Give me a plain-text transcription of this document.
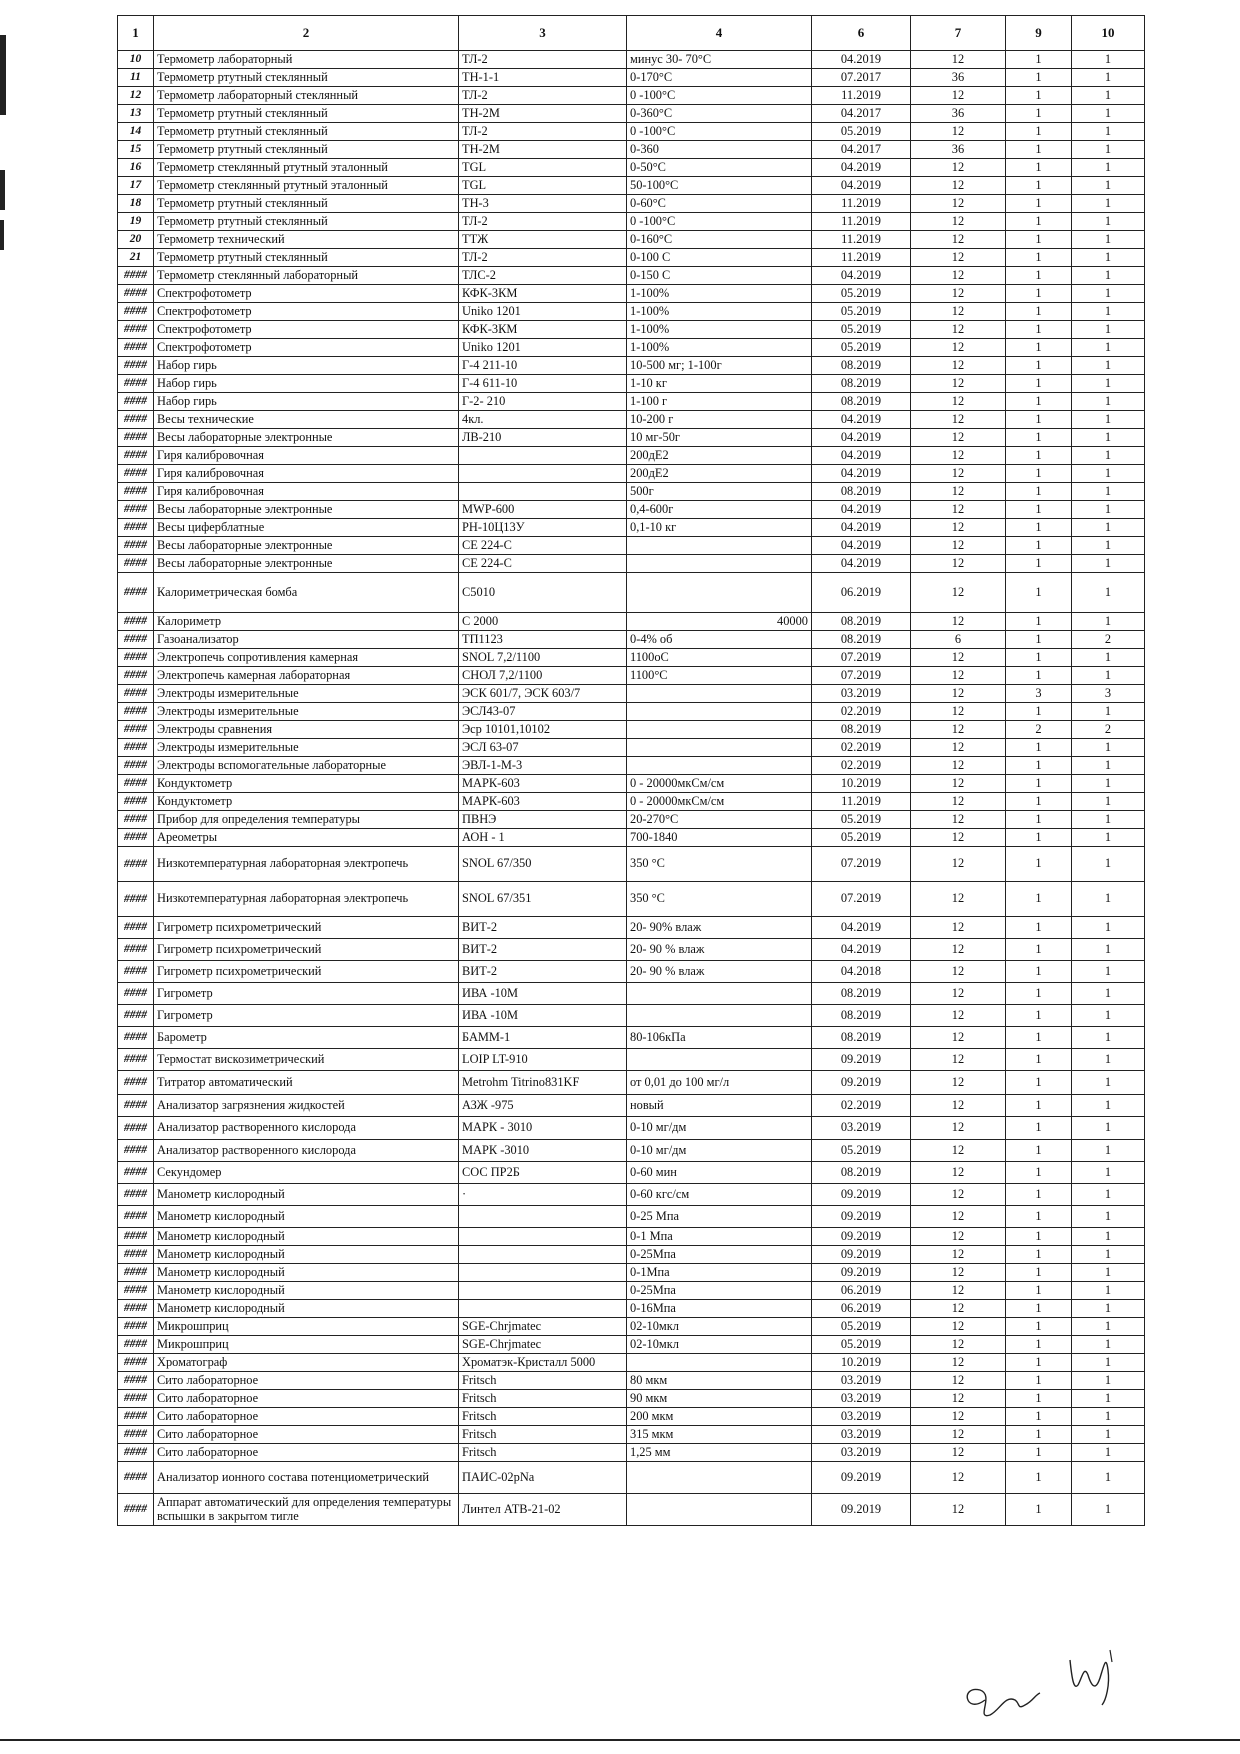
1	2	3	4	6	7	9	10
10	Термометр лабораторный	ТЛ-2	минус 30- 70°С	04.2019	12	1	1
11	Термометр ртутный стеклянный	ТН-1-1	0-170°С	07.2017	36	1	1
12	Термометр лабораторный стеклянный	ТЛ-2	0 -100°С	11.2019	12	1	1
13	Термометр ртутный стеклянный	ТН-2М	0-360°С	04.2017	36	1	1
14	Термометр ртутный стеклянный	ТЛ-2	0 -100°С	05.2019	12	1	1
15	Термометр ртутный стеклянный	ТН-2М	0-360	04.2017	36	1	1
16	Термометр стеклянный ртутный эталонный	TGL	0-50°С	04.2019	12	1	1
17	Термометр стеклянный ртутный эталонный	TGL	50-100°С	04.2019	12	1	1
18	Термометр ртутный стеклянный	ТН-3	0-60°С	11.2019	12	1	1
19	Термометр ртутный стеклянный	ТЛ-2	0 -100°С	11.2019	12	1	1
20	Термометр технический	ТТЖ	0-160°С	11.2019	12	1	1
21	Термометр ртутный стеклянный	ТЛ-2	0-100 С	11.2019	12	1	1
####	Термометр стеклянный лабораторный	ТЛС-2	0-150 С	04.2019	12	1	1
####	Спектрофотометр	КФК-3КМ	1-100%	05.2019	12	1	1
####	Спектрофотометр	Uniko 1201	1-100%	05.2019	12	1	1
####	Спектрофотометр	КФК-3КМ	1-100%	05.2019	12	1	1
####	Спектрофотометр	Uniko 1201	1-100%	05.2019	12	1	1
####	Набор гирь	Г-4 211-10	10-500 мг; 1-100г	08.2019	12	1	1
####	Набор гирь	Г-4 611-10	1-10 кг	08.2019	12	1	1
####	Набор гирь	Г-2- 210	1-100 г	08.2019	12	1	1
####	Весы технические	4кл.	10-200 г	04.2019	12	1	1
####	Весы лабораторные электронные	ЛВ-210	10 мг-50г	04.2019	12	1	1
####	Гиря калибровочная		200дЕ2	04.2019	12	1	1
####	Гиря калибровочная		200дЕ2	04.2019	12	1	1
####	Гиря калибровочная		500г	08.2019	12	1	1
####	Весы лабораторные электронные	MWP-600	0,4-600г	04.2019	12	1	1
####	Весы циферблатные	РН-10Ц13У	0,1-10 кг	04.2019	12	1	1
####	Весы лабораторные электронные	CE 224-C		04.2019	12	1	1
####	Весы лабораторные электронные	CE 224-C		04.2019	12	1	1
####	Калориметрическая бомба	C5010		06.2019	12	1	1
####	Калориметр	С 2000	40000	08.2019	12	1	1
####	Газоанализатор	ТП1123	0-4% об	08.2019	6	1	2
####	Электропечь сопротивления камерная	SNOL 7,2/1100	1100оС	07.2019	12	1	1
####	Электропечь камерная лабораторная	СНОЛ 7,2/1100	1100°С	07.2019	12	1	1
####	Электроды измерительные	ЭСК 601/7, ЭСК 603/7		03.2019	12	3	3
####	Электроды измерительные	ЭСЛ43-07		02.2019	12	1	1
####	Электроды сравнения	Эср 10101,10102		08.2019	12	2	2
####	Электроды измерительные	ЭСЛ 63-07		02.2019	12	1	1
####	Электроды вспомогательные лабораторные	ЭВЛ-1-М-3		02.2019	12	1	1
####	Кондуктометр	МАРК-603	0 - 20000мкСм/см	10.2019	12	1	1
####	Кондуктометр	МАРК-603	0 - 20000мкСм/см	11.2019	12	1	1
####	Прибор для определения температуры	ПВНЭ	20-270°С	05.2019	12	1	1
####	Ареометры	АОН - 1	700-1840	05.2019	12	1	1
####	Низкотемпературная лабораторная электропечь	SNOL 67/350	350 °С	07.2019	12	1	1
####	Низкотемпературная лабораторная электропечь	SNOL 67/351	350 °С	07.2019	12	1	1
####	Гигрометр психрометрический	ВИТ-2	20- 90% влаж	04.2019	12	1	1
####	Гигрометр психрометрический	ВИТ-2	20- 90 % влаж	04.2019	12	1	1
####	Гигрометр психрометрический	ВИТ-2	20- 90 % влаж	04.2018	12	1	1
####	Гигрометр	ИВА -10М		08.2019	12	1	1
####	Гигрометр	ИВА -10М		08.2019	12	1	1
####	Барометр	БАММ-1	80-106кПа	08.2019	12	1	1
####	Термостат вискозиметрический	LOIP LT-910		09.2019	12	1	1
####	Титратор автоматический	Metrohm Titrino831KF	от 0,01 до 100 мг/л	09.2019	12	1	1
####	Анализатор загрязнения жидкостей	АЗЖ -975	новый	02.2019	12	1	1
####	Анализатор растворенного кислорода	МАРК - 3010	0-10 мг/дм	03.2019	12	1	1
####	Анализатор растворенного кислорода	МАРК -3010	0-10 мг/дм	05.2019	12	1	1
####	Секундомер	СОС ПР2Б	0-60 мин	08.2019	12	1	1
####	Манометр кислородный	·	0-60 кгс/см	09.2019	12	1	1
####	Манометр кислородный		0-25 Мпа	09.2019	12	1	1
####	Манометр кислородный		0-1 Мпа	09.2019	12	1	1
####	Манометр кислородный		0-25Мпа	09.2019	12	1	1
####	Манометр кислородный		0-1Мпа	09.2019	12	1	1
####	Манометр кислородный		0-25Мпа	06.2019	12	1	1
####	Манометр кислородный		0-16Мпа	06.2019	12	1	1
####	Микрошприц	SGE-Chrjmatec	02-10мкл	05.2019	12	1	1
####	Микрошприц	SGE-Chrjmatec	02-10мкл	05.2019	12	1	1
####	Хроматограф	Хроматэк-Кристалл 5000		10.2019	12	1	1
####	Сито лабораторное	Fritsch	80 мкм	03.2019	12	1	1
####	Сито лабораторное	Fritsch	90 мкм	03.2019	12	1	1
####	Сито лабораторное	Fritsch	200 мкм	03.2019	12	1	1
####	Сито лабораторное	Fritsch	315 мкм	03.2019	12	1	1
####	Сито лабораторное	Fritsch	1,25 мм	03.2019	12	1	1
####	Анализатор ионного состава потенциометрический	ПАИС-02pNa		09.2019	12	1	1
####	Аппарат автоматический для определения температуры вспышки в закрытом тигле	Линтел АТВ-21-02		09.2019	12	1	1
